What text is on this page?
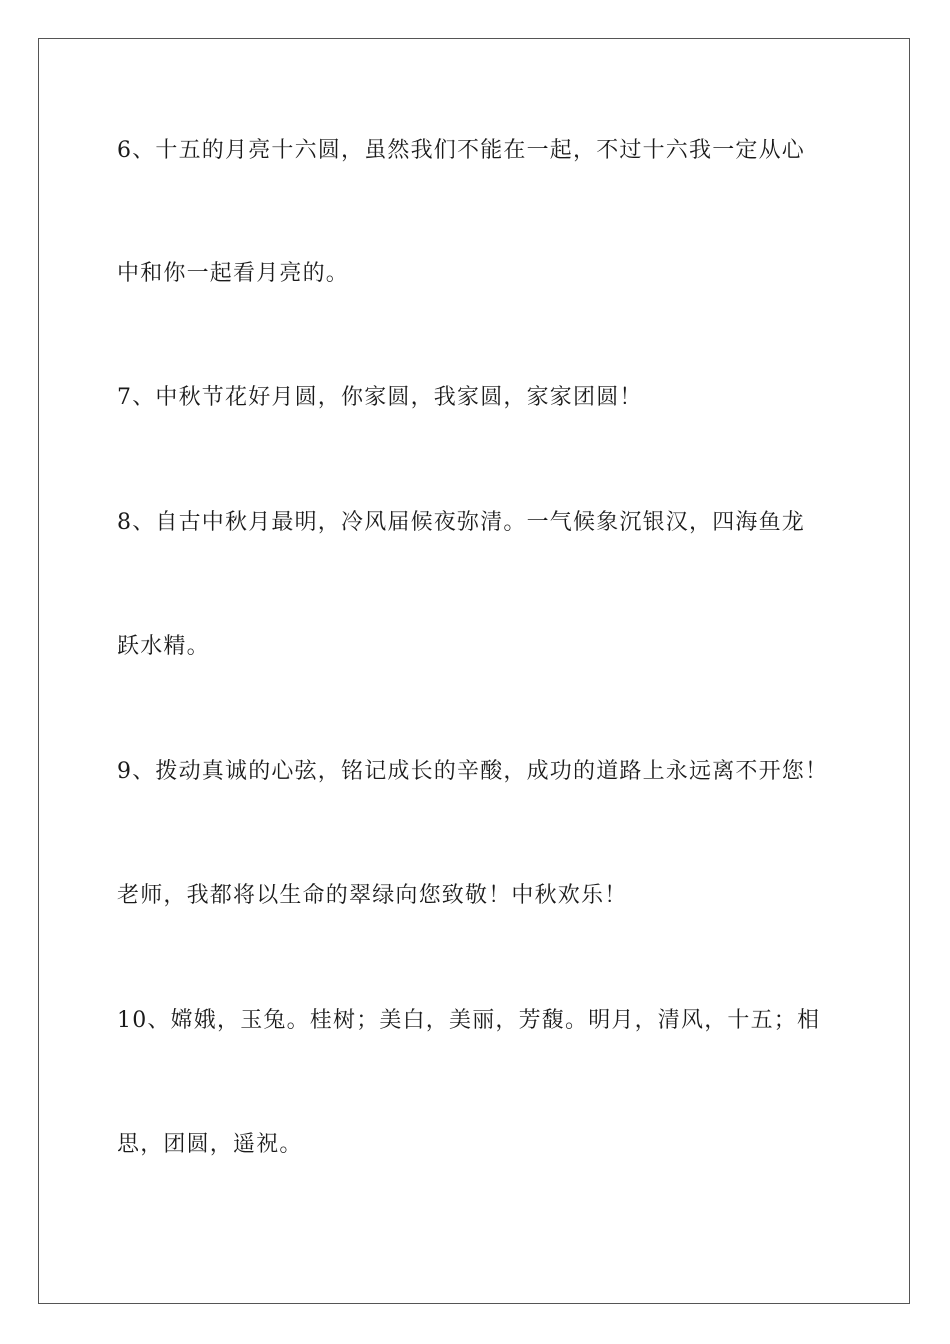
6、十五的月亮十六圆，虽然我们不能在一起，不过十六我一定从心
中和你一起看月亮的。
7、中秋节花好月圆，你家圆，我家圆，家家团圆！
8、自古中秋月最明，冷风届候夜弥清。一气候象沉银汉，四海鱼龙
跃水精。
9、拨动真诚的心弦，铭记成长的辛酸，成功的道路上永远离不开您！
老师，我都将以生命的翠绿向您致敬！中秋欢乐！
10、嫦娥，玉兔。桂树；美白，美丽，芳馥。明月，清风，十五；相
思，团圆，遥祝。
